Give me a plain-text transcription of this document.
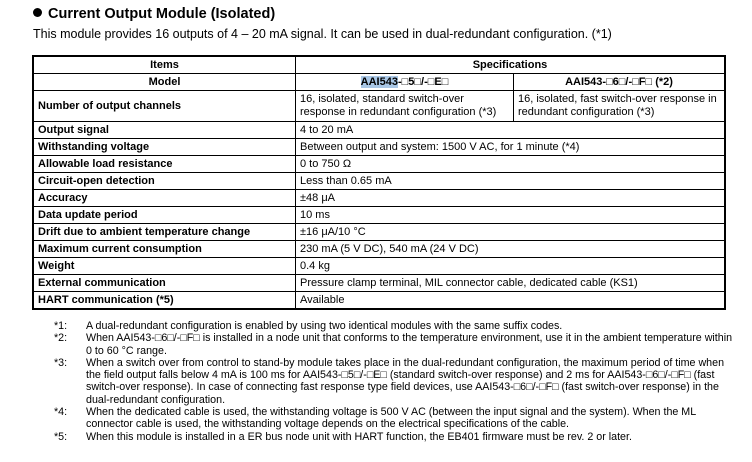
Current Output Module (Isolated)
This module provides 16 outputs of 4 – 20 mA signal. It can be used in dual-redundant configuration. (*1)
Items	Specifications	
Model	AAI543-□5□/-□E□	AAI543-□6□/-□F□ (*2)
Number of output channels	16, isolated, standard switch-over response in redundant configuration (*3)	16, isolated, fast switch-over response in redundant configuration (*3)
Output signal	4 to 20 mA	
Withstanding voltage	Between output and system: 1500 V AC, for 1 minute (*4)	
Allowable load resistance	0 to 750 Ω	
Circuit-open detection	Less than 0.65 mA	
Accuracy	±48 μA	
Data update period	10 ms	
Drift due to ambient temperature change	±16 μA/10 °C	
Maximum current consumption	230 mA (5 V DC), 540 mA (24 V DC)	
Weight	0.4 kg	
External communication	Pressure clamp terminal, MIL connector cable, dedicated cable (KS1)	
HART communication (*5)	Available	
*1:	A dual-redundant configuration is enabled by using two identical modules with the same suffix codes.
*2:	When AAI543-□6□/-□F□ is installed in a node unit that conforms to the temperature environment, use it in the ambient temperature within 0 to 60 °C range.
*3:	When a switch over from control to stand-by module takes place in the dual-redundant configuration, the maximum period of time when the field output falls below 4 mA is 100 ms for AAI543-□5□/-□E□ (standard switch-over response) and 2 ms for AAI543-□6□/-□F□ (fast switch-over response). In case of connecting fast response type field devices, use AAI543-□6□/-□F□ (fast switch-over response) in the dual-redundant configuration.
*4:	When the dedicated cable is used, the withstanding voltage is 500 V AC (between the input signal and the system). When the ML connector cable is used, the withstanding voltage depends on the electrical specifications of the cable.
*5:	When this module is installed in a ER bus node unit with HART function, the EB401 firmware must be rev. 2 or later.
